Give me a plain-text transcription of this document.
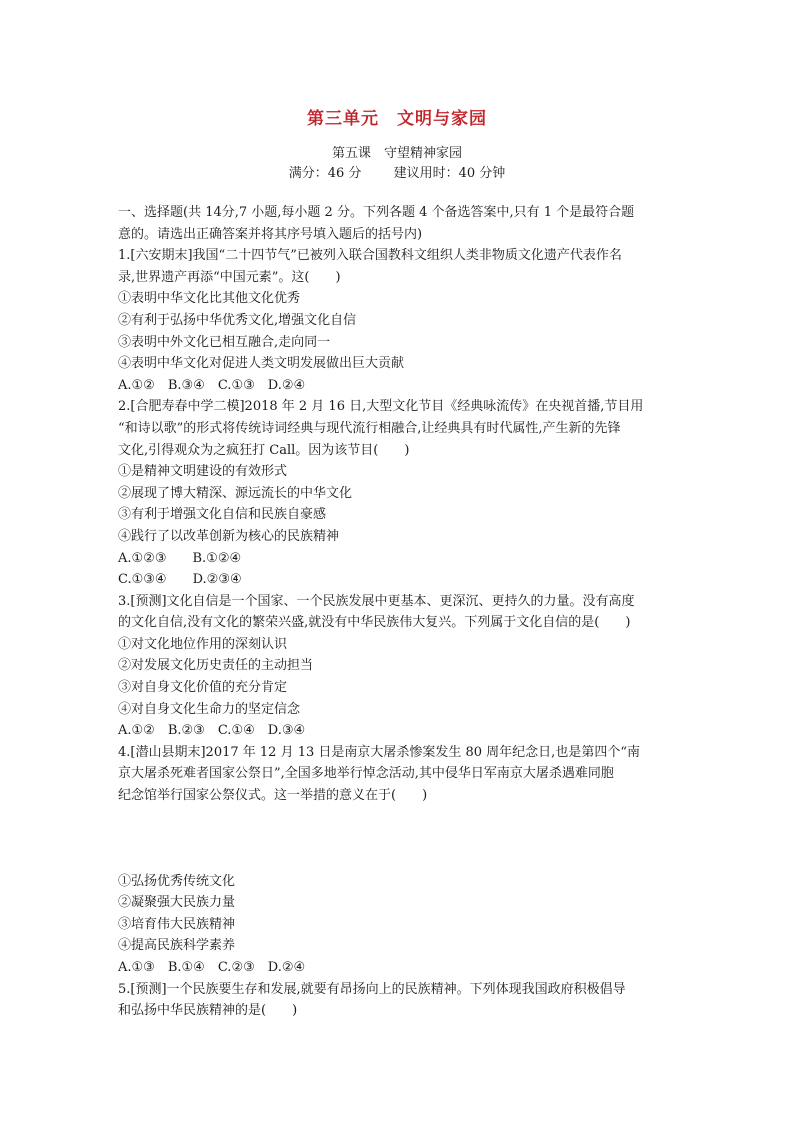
第三单元　文明与家园
第五课　守望精神家园
满分：46 分 建议用时：40 分钟
一、选择题(共 14分,7 小题,每小题 2 分。下列各题 4 个备选答案中,只有 1 个是最符合题
意的。请选出正确答案并将其序号填入题后的括号内)
1.[六安期末]我国“二十四节气”已被列入联合国教科文组织人类非物质文化遗产代表作名
录,世界遗产再添“中国元素”。这(　　)
①表明中华文化比其他文化优秀
②有利于弘扬中华优秀文化,增强文化自信
③表明中外文化已相互融合,走向同一
④表明中华文化对促进人类文明发展做出巨大贡献
A.①②　B.③④　C.①③　D.②④
2.[合肥寿春中学二模]2018 年 2 月 16 日,大型文化节目《经典咏流传》在央视首播,节目用
“和诗以歌”的形式将传统诗词经典与现代流行相融合,让经典具有时代属性,产生新的先锋
文化,引得观众为之疯狂打 Call。因为该节目(　　)
①是精神文明建设的有效形式
②展现了博大精深、源远流长的中华文化
③有利于增强文化自信和民族自豪感
④践行了以改革创新为核心的民族精神
A.①②③　　B.①②④
C.①③④　　D.②③④
3.[预测]文化自信是一个国家、一个民族发展中更基本、更深沉、更持久的力量。没有高度
的文化自信,没有文化的繁荣兴盛,就没有中华民族伟大复兴。下列属于文化自信的是(　　)
①对文化地位作用的深刻认识
②对发展文化历史责任的主动担当
③对自身文化价值的充分肯定
④对自身文化生命力的坚定信念
A.①②　B.②③　C.①④　D.③④
4.[潜山县期末]2017 年 12 月 13 日是南京大屠杀惨案发生 80 周年纪念日,也是第四个“南
京大屠杀死难者国家公祭日”,全国多地举行悼念活动,其中侵华日军南京大屠杀遇难同胞
纪念馆举行国家公祭仪式。这一举措的意义在于(　　)
①弘扬优秀传统文化
②凝聚强大民族力量
③培育伟大民族精神
④提高民族科学素养
A.①③　B.①④　C.②③　D.②④
5.[预测]一个民族要生存和发展,就要有昂扬向上的民族精神。下列体现我国政府积极倡导
和弘扬中华民族精神的是(　　)
